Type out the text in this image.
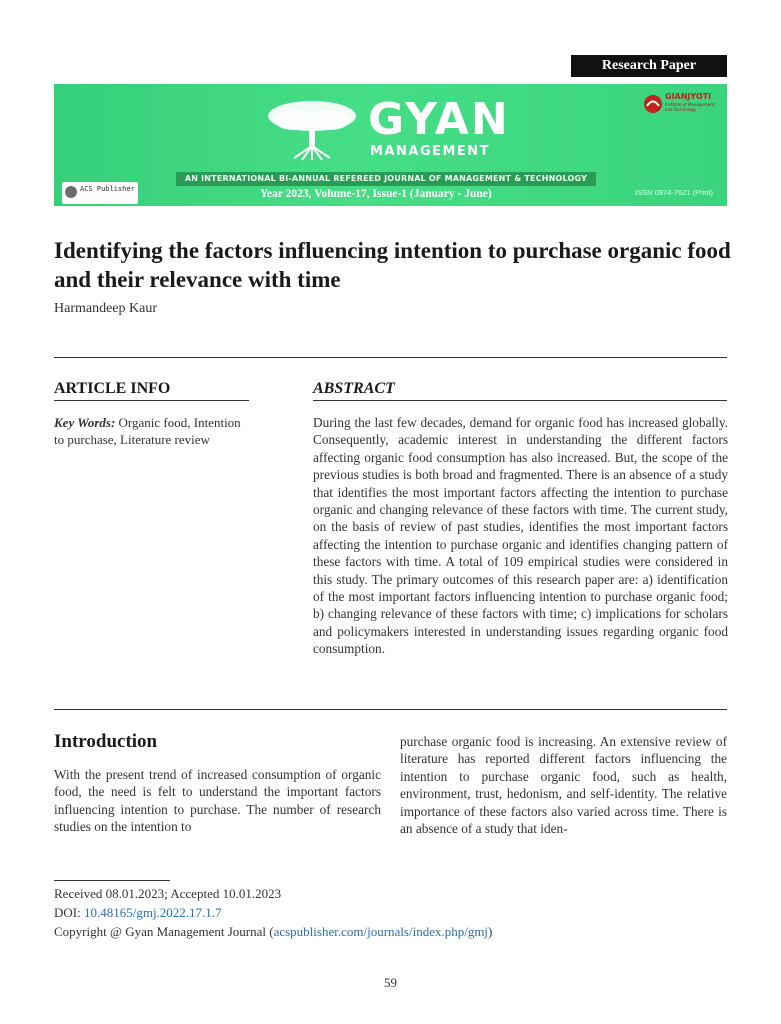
Research Paper
GYAN
MANAGEMENT
AN INTERNATIONAL BI-ANNUAL REFEREED JOURNAL OF MANAGEMENT & TECHNOLOGY
Year 2023, Volume-17, Issue-1 (January - June)	ISSN 0974-7621 (Print)
ACS Publisher
GIANJYOTI
Institute of Management and Technology
Identifying the factors influencing intention to purchase organic food and their relevance with time
Harmandeep Kaur
ARTICLE INFO	ABSTRACT
Key Words: Organic food, Intention to purchase, Literature review

During the last few decades, demand for organic food has increased globally. Consequently, academic interest in understanding the different factors affecting organic food consumption has also increased. But, the scope of the previous studies is both broad and fragmented. There is an absence of a study that identifies the most important factors affecting the intention to purchase organic and changing relevance of these factors with time. The current study, on the basis of review of past studies, identifies the most important factors affecting the intention to purchase organic and identifies changing pattern of these factors with time. A total of 109 empirical studies were considered in this study. The primary outcomes of this research paper are: a) identification of the most important factors influencing intention to purchase organic food; b) changing relevance of these factors with time; c) implications for scholars and policymakers interested in understanding issues regarding organic food consumption.

Introduction

With the present trend of increased consumption of organic food, the need is felt to understand the important factors influencing intention to purchase. The number of research studies on the intention to

purchase organic food is increasing. An extensive review of literature has reported different factors influencing the intention to purchase organic food, such as health, environment, trust, hedonism, and self-identity. The relative importance of these factors also varied across time. There is an absence of a study that iden-

Received 08.01.2023; Accepted 10.01.2023
DOI: 10.48165/gmj.2022.17.1.7
Copyright @ Gyan Management Journal (acspublisher.com/journals/index.php/gmj)
59
